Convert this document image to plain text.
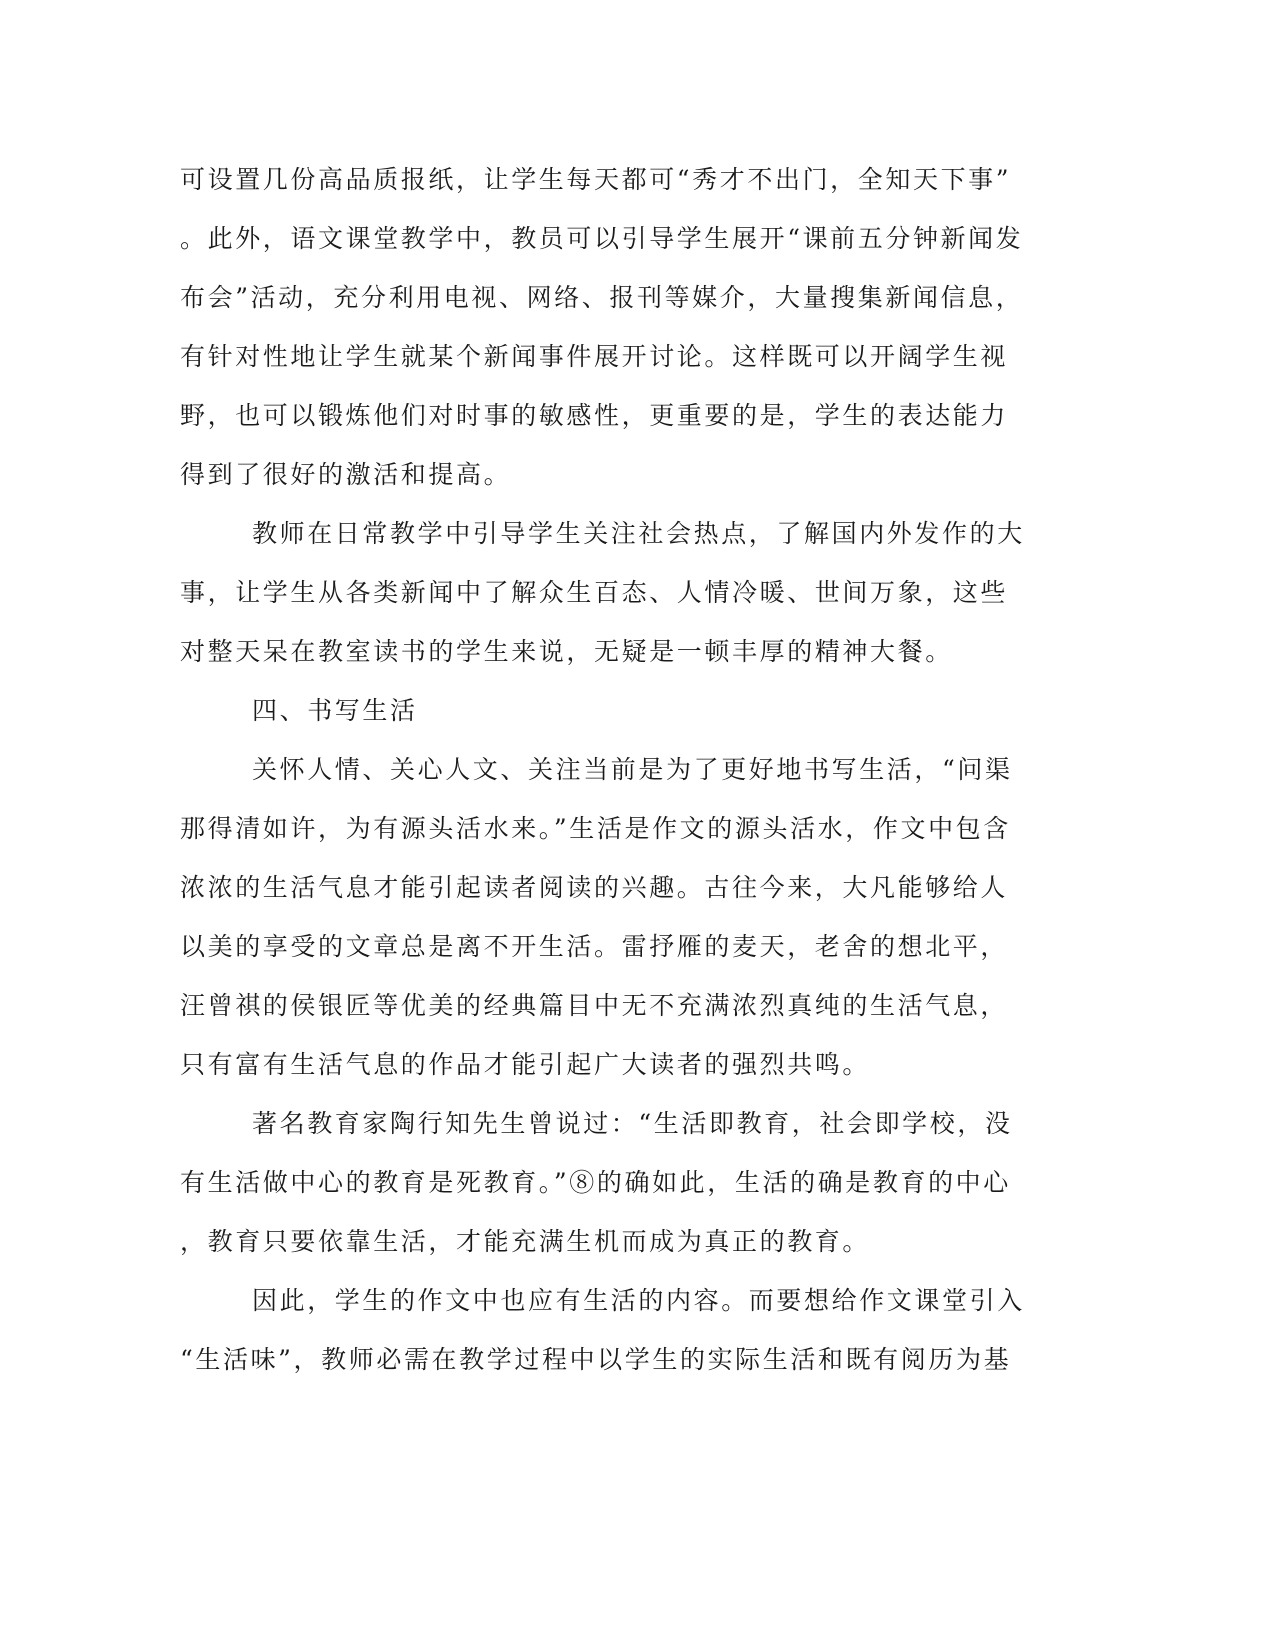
可设置几份高品质报纸，让学生每天都可“秀才不出门，全知天下事”
。此外，语文课堂教学中，教员可以引导学生展开“课前五分钟新闻发
布会”活动，充分利用电视、网络、报刊等媒介，大量搜集新闻信息，
有针对性地让学生就某个新闻事件展开讨论。这样既可以开阔学生视
野，也可以锻炼他们对时事的敏感性，更重要的是，学生的表达能力
得到了很好的激活和提高。
教师在日常教学中引导学生关注社会热点，了解国内外发作的大
事，让学生从各类新闻中了解众生百态、人情冷暖、世间万象，这些
对整天呆在教室读书的学生来说，无疑是一顿丰厚的精神大餐。
四、书写生活
关怀人情、关心人文、关注当前是为了更好地书写生活，“问渠
那得清如许，为有源头活水来。”生活是作文的源头活水，作文中包含
浓浓的生活气息才能引起读者阅读的兴趣。古往今来，大凡能够给人
以美的享受的文章总是离不开生活。雷抒雁的麦天，老舍的想北平，
汪曾祺的侯银匠等优美的经典篇目中无不充满浓烈真纯的生活气息，
只有富有生活气息的作品才能引起广大读者的强烈共鸣。
著名教育家陶行知先生曾说过：“生活即教育，社会即学校，没
有生活做中心的教育是死教育。”⑧的确如此，生活的确是教育的中心
，教育只要依靠生活，才能充满生机而成为真正的教育。
因此，学生的作文中也应有生活的内容。而要想给作文课堂引入
“生活味”，教师必需在教学过程中以学生的实际生活和既有阅历为基
